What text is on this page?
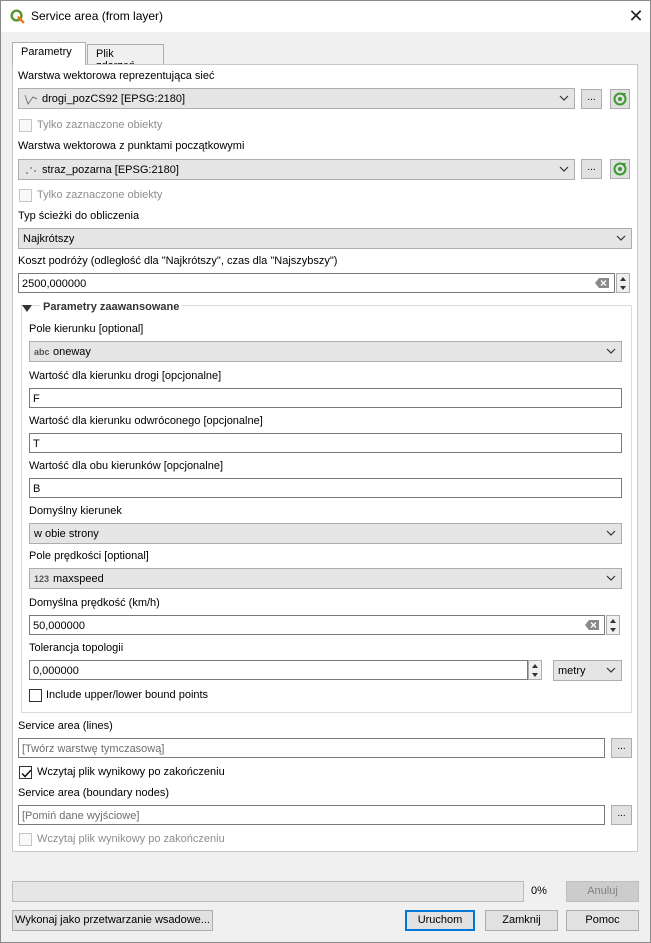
Service area (from layer)	✕
Parametry	Plik
Warstwa wektorowa reprezentująca sieć
drogi_pozCS92 [EPSG:2180]	...
Tylko zaznaczone obiekty
Warstwa wektorowa z punktami początkowymi
straz_pozarna [EPSG:2180]	...
Tylko zaznaczone obiekty
Typ ścieżki do obliczenia
Najkrótszy
Koszt podróży (odległość dla "Najkrótszy", czas dla "Najszybszy")
2500,000000
Parametry zaawansowane
Pole kierunku [optional]
abc oneway
Wartość dla kierunku drogi [opcjonalne]
F
Wartość dla kierunku odwróconego [opcjonalne]
T
Wartość dla obu kierunków [opcjonalne]
B
Domyślny kierunek
w obie strony
Pole prędkości [optional]
123 maxspeed
Domyślna prędkość (km/h)
50,000000
Tolerancja topologii
0,000000	metry
Include upper/lower bound points
Service area (lines)
[Twórz warstwę tymczasową]	...
Wczytaj plik wynikowy po zakończeniu
Service area (boundary nodes)
[Pomiń dane wyjściowe]	...
Wczytaj plik wynikowy po zakończeniu
0%	Anuluj
Wykonaj jako przetwarzanie wsadowe...	Uruchom	Zamknij	Pomoc
